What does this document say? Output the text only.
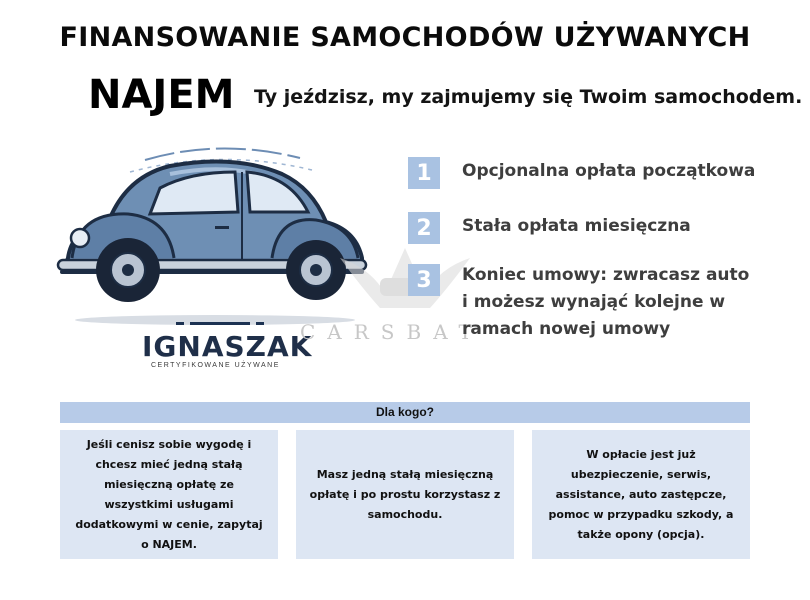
FINANSOWANIE SAMOCHODÓW UŻYWANYCH
NAJEM Ty jeździsz, my zajmujemy się Twoim samochodem.
IGNASZAK
CERTYFIKOWANE UŻYWANE
CARSBAT
1	Opcjonalna opłata początkowa
2	Stała opłata miesięczna
3	Koniec umowy: zwracasz auto i możesz wynająć kolejne w ramach nowej umowy
Dla kogo?
Jeśli cenisz sobie wygodę i chcesz mieć jedną stałą miesięczną opłatę ze wszystkimi usługami dodatkowymi w cenie, zapytaj o NAJEM.
Masz jedną stałą miesięczną opłatę i po prostu korzystasz z samochodu.
W opłacie jest już ubezpieczenie, serwis, assistance, auto zastępcze, pomoc w przypadku szkody, a także opony (opcja).
